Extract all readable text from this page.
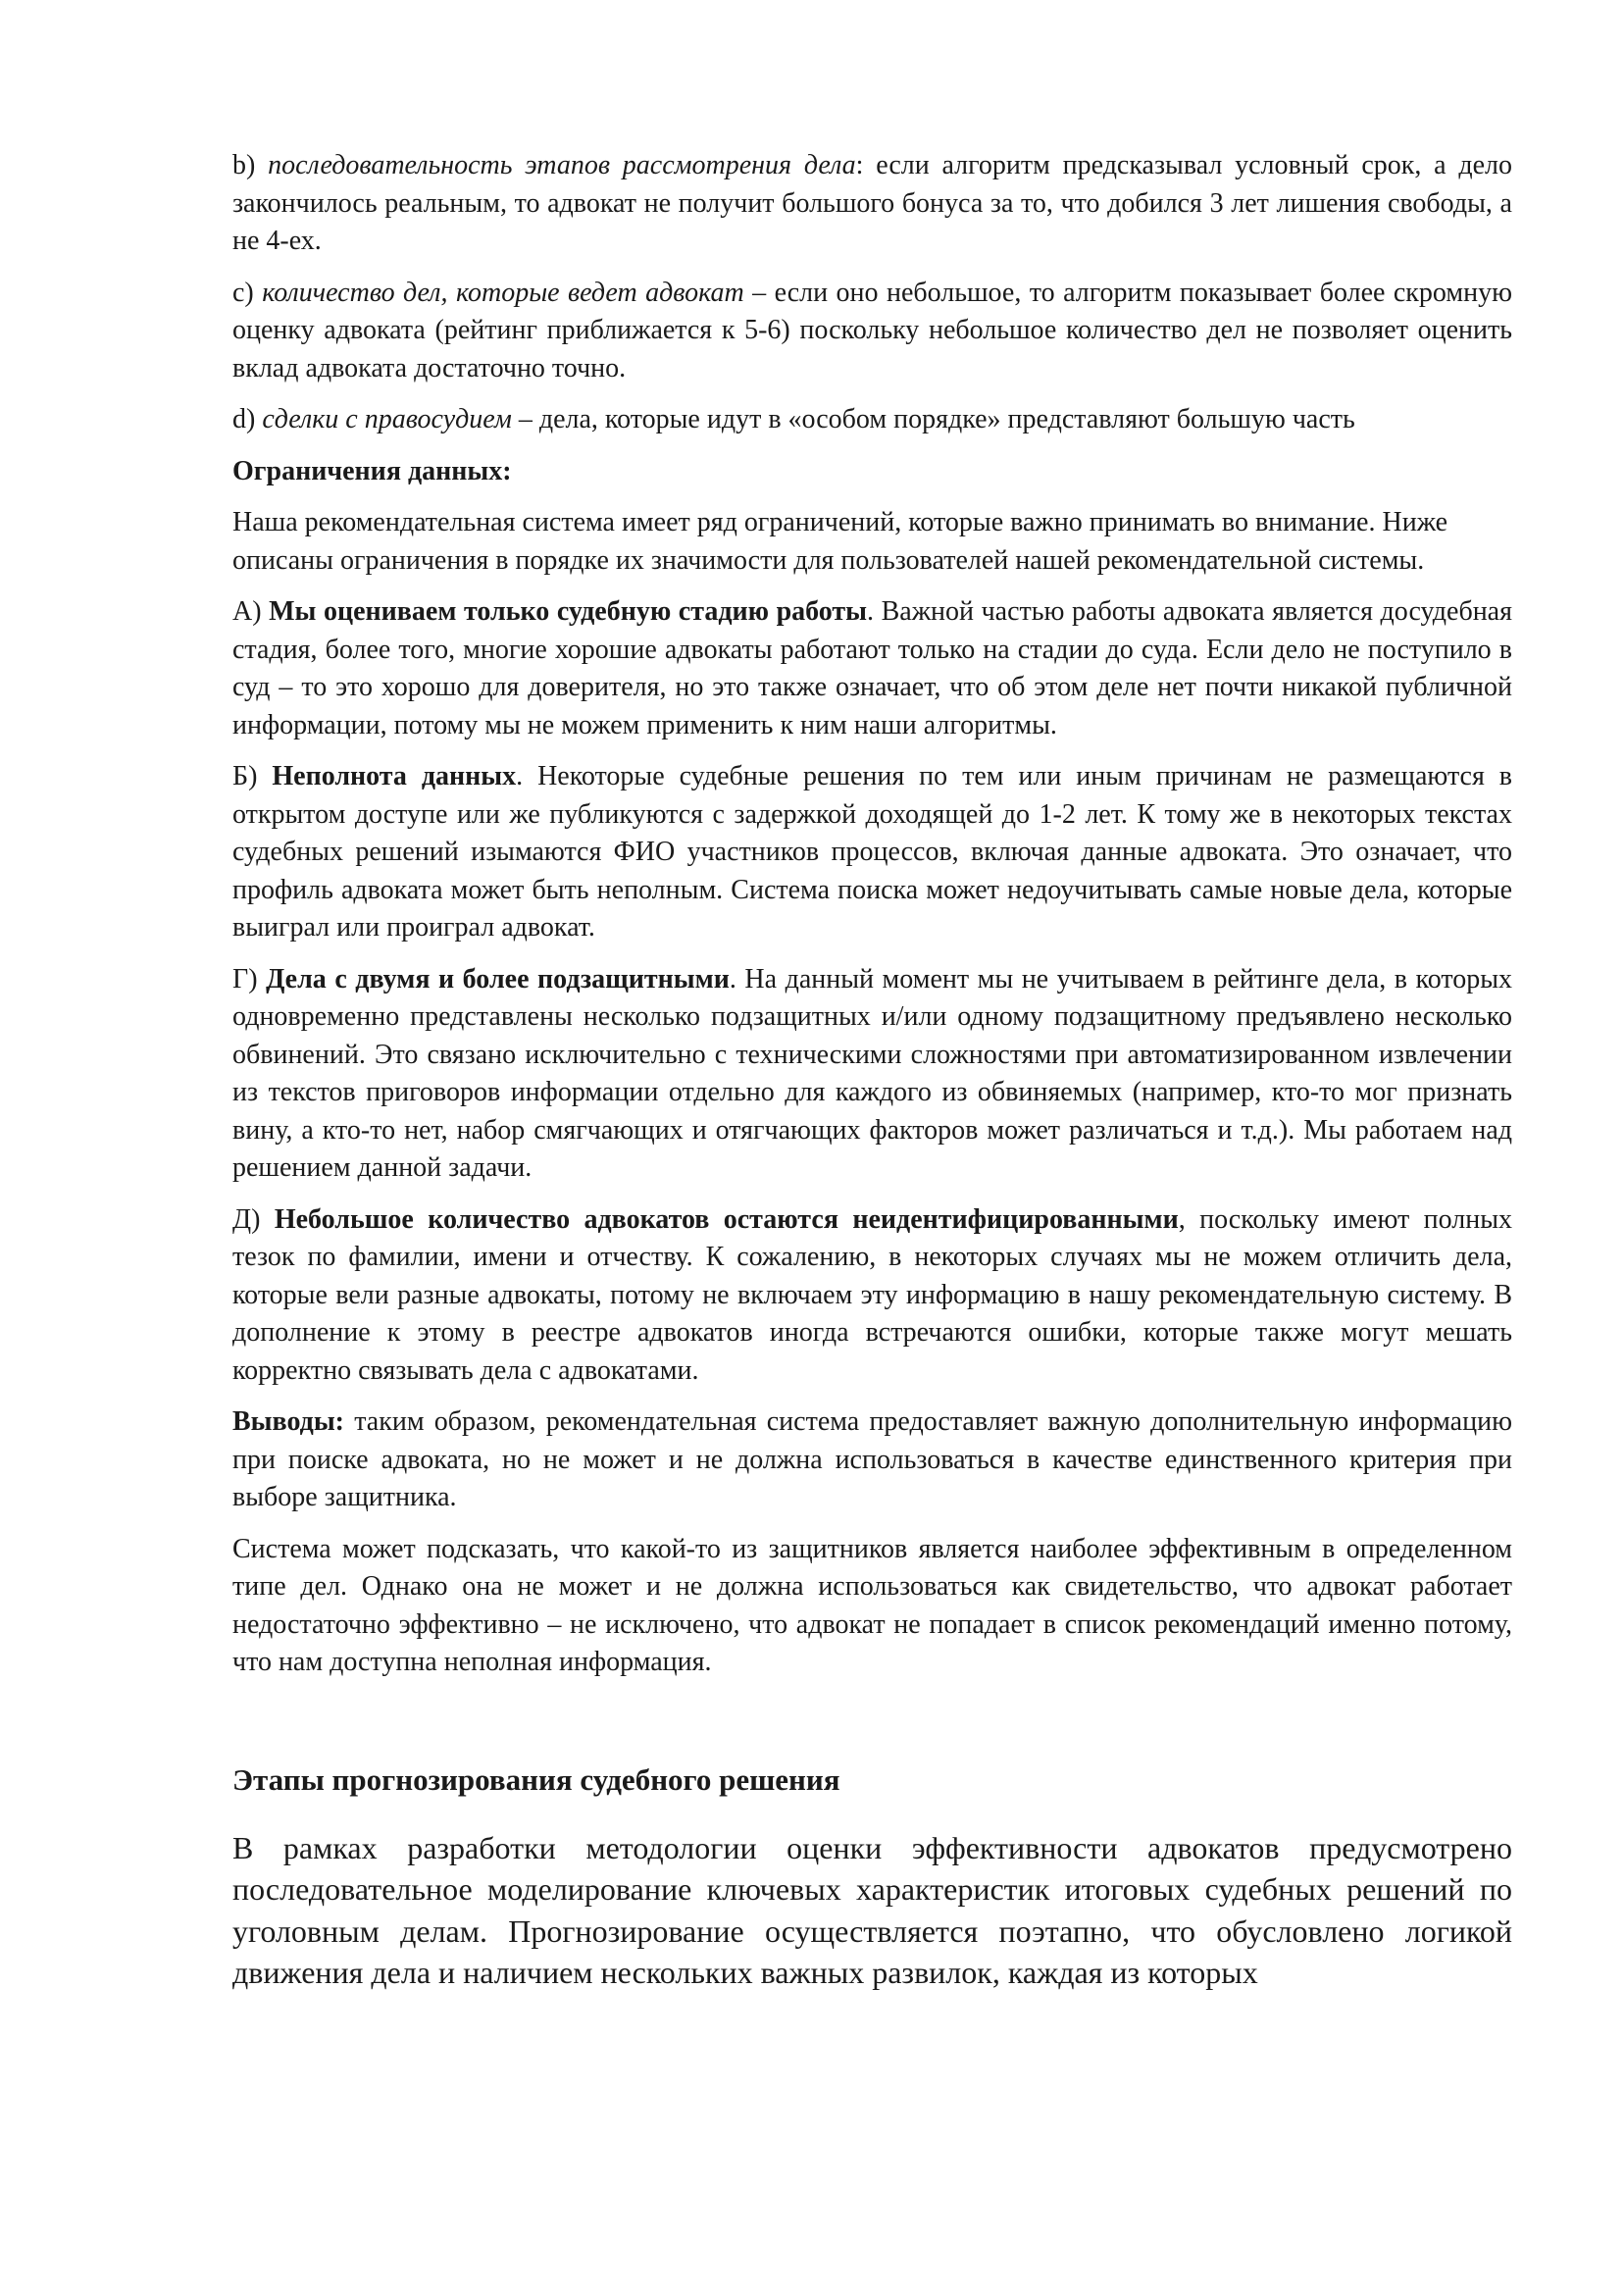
b) последовательность этапов рассмотрения дела: если алгоритм предсказывал условный срок, а дело закончилось реальным, то адвокат не получит большого бонуса за то, что добился 3 лет лишения свободы, а не 4-ех.

c) количество дел, которые ведет адвокат – если оно небольшое, то алгоритм показывает более скромную оценку адвоката (рейтинг приближается к 5-6) поскольку небольшое количество дел не позволяет оценить вклад адвоката достаточно точно.

d) сделки с правосудием – дела, которые идут в «особом порядке» представляют большую часть

Ограничения данных:

Наша рекомендательная система имеет ряд ограничений, которые важно принимать во внимание. Ниже описаны ограничения в порядке их значимости для пользователей нашей рекомендательной системы.

А) Мы оцениваем только судебную стадию работы. Важной частью работы адвоката является досудебная стадия, более того, многие хорошие адвокаты работают только на стадии до суда. Если дело не поступило в суд – то это хорошо для доверителя, но это также означает, что об этом деле нет почти никакой публичной информации, потому мы не можем применить к ним наши алгоритмы.

Б) Неполнота данных. Некоторые судебные решения по тем или иным причинам не размещаются в открытом доступе или же публикуются с задержкой доходящей до 1-2 лет. К тому же в некоторых текстах судебных решений изымаются ФИО участников процессов, включая данные адвоката. Это означает, что профиль адвоката может быть неполным. Система поиска может недоучитывать самые новые дела, которые выиграл или проиграл адвокат.

Г) Дела с двумя и более подзащитными. На данный момент мы не учитываем в рейтинге дела, в которых одновременно представлены несколько подзащитных и/или одному подзащитному предъявлено несколько обвинений. Это связано исключительно с техническими сложностями при автоматизированном извлечении из текстов приговоров информации отдельно для каждого из обвиняемых (например, кто-то мог признать вину, а кто-то нет, набор смягчающих и отягчающих факторов может различаться и т.д.). Мы работаем над решением данной задачи.

Д) Небольшое количество адвокатов остаются неидентифицированными, поскольку имеют полных тезок по фамилии, имени и отчеству. К сожалению, в некоторых случаях мы не можем отличить дела, которые вели разные адвокаты, потому не включаем эту информацию в нашу рекомендательную систему. В дополнение к этому в реестре адвокатов иногда встречаются ошибки, которые также могут мешать корректно связывать дела с адвокатами.

Выводы: таким образом, рекомендательная система предоставляет важную дополнительную информацию при поиске адвоката, но не может и не должна использоваться в качестве единственного критерия при выборе защитника.

Система может подсказать, что какой-то из защитников является наиболее эффективным в определенном типе дел. Однако она не может и не должна использоваться как свидетельство, что адвокат работает недостаточно эффективно – не исключено, что адвокат не попадает в список рекомендаций именно потому, что нам доступна неполная информация.

Этапы прогнозирования судебного решения

В рамках разработки методологии оценки эффективности адвокатов предусмотрено последовательное моделирование ключевых характеристик итоговых судебных решений по уголовным делам. Прогнозирование осуществляется поэтапно, что обусловлено логикой движения дела и наличием нескольких важных развилок, каждая из которых
